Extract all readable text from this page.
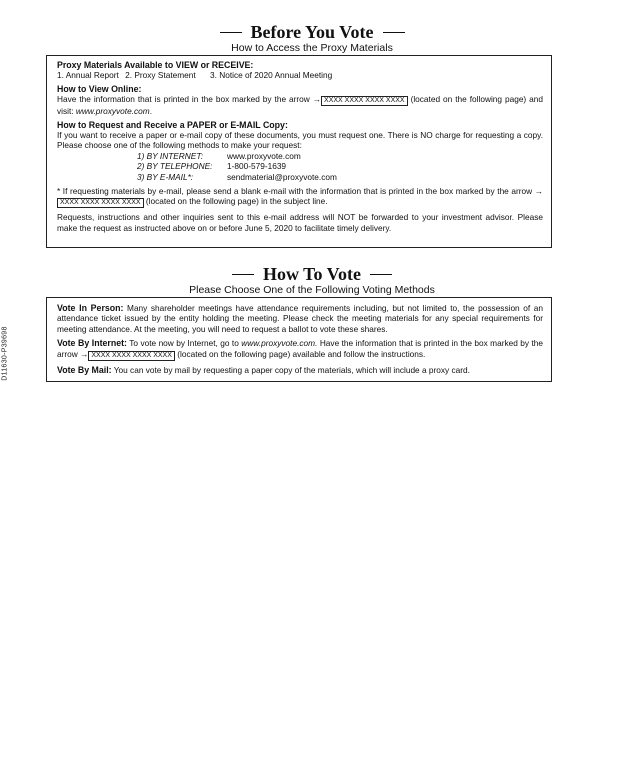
D11630-P39698
Before You Vote
How to Access the Proxy Materials
Proxy Materials Available to VIEW or RECEIVE:
1. Annual Report 2. Proxy Statement 3. Notice of 2020 Annual Meeting
How to View Online:
Have the information that is printed in the box marked by the arrow → XXXX XXXX XXXX XXXX (located on the following page) and visit: www.proxyvote.com.
How to Request and Receive a PAPER or E-MAIL Copy:
If you want to receive a paper or e-mail copy of these documents, you must request one. There is NO charge for requesting a copy. Please choose one of the following methods to make your request:
1) BY INTERNET:	www.proxyvote.com
2) BY TELEPHONE:	1-800-579-1639
3) BY E-MAIL*:	sendmaterial@proxyvote.com
* If requesting materials by e-mail, please send a blank e-mail with the information that is printed in the box marked by the arrow →XXXX XXXX XXXX XXXX (located on the following page) in the subject line.
Requests, instructions and other inquiries sent to this e-mail address will NOT be forwarded to your investment advisor. Please make the request as instructed above on or before June 5, 2020 to facilitate timely delivery.
How To Vote
Please Choose One of the Following Voting Methods
Vote In Person: Many shareholder meetings have attendance requirements including, but not limited to, the possession of an attendance ticket issued by the entity holding the meeting. Please check the meeting materials for any special requirements for meeting attendance. At the meeting, you will need to request a ballot to vote these shares.
Vote By Internet: To vote now by Internet, go to www.proxyvote.com. Have the information that is printed in the box marked by the arrow → XXXX XXXX XXXX XXXX (located on the following page) available and follow the instructions.
Vote By Mail: You can vote by mail by requesting a paper copy of the materials, which will include a proxy card.
